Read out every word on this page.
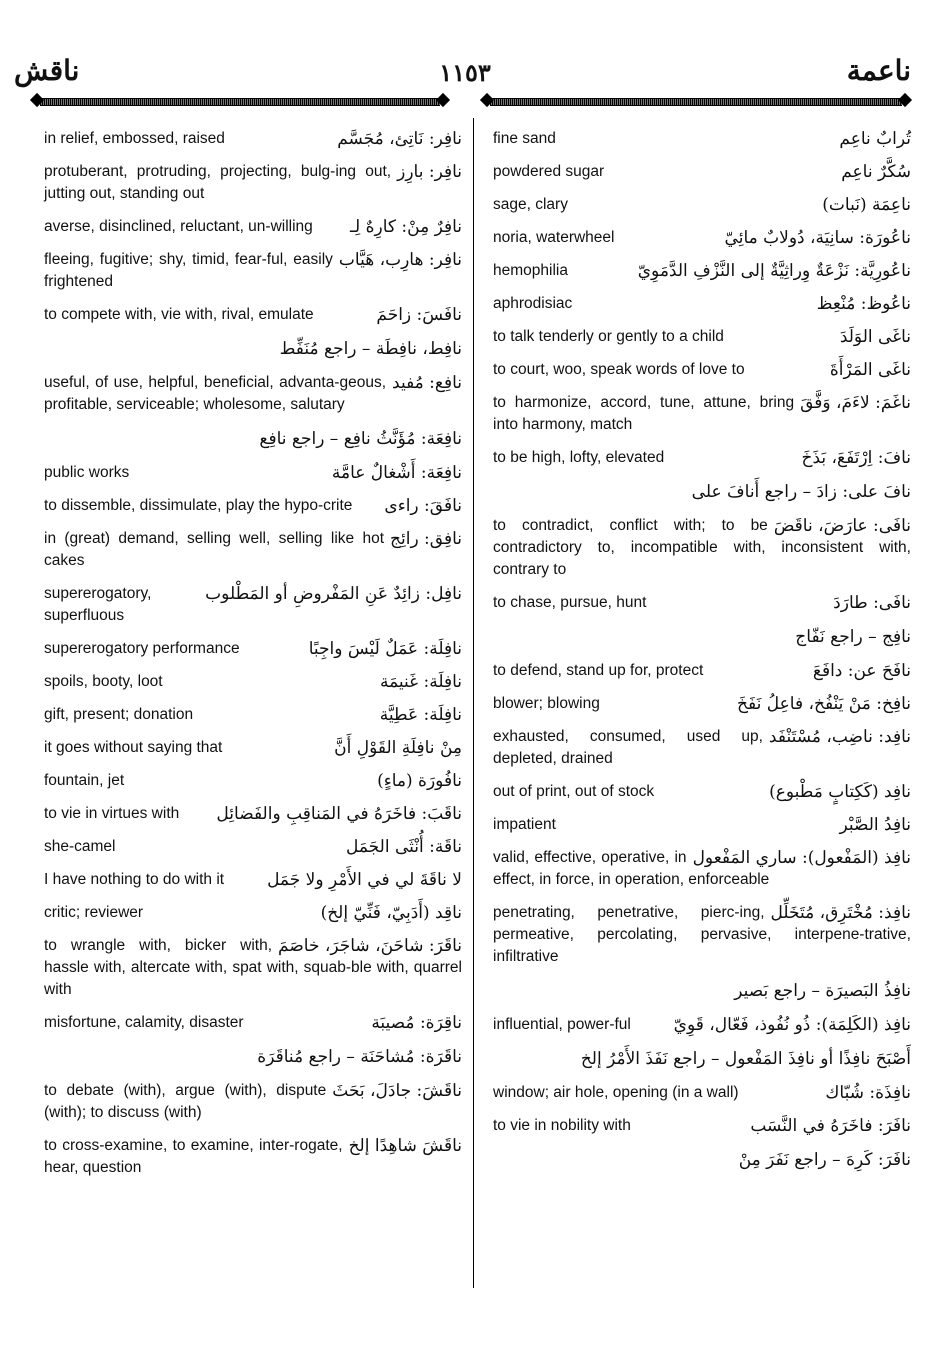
ناقش	١١٥٣	ناعمة
نافِر: نَاتِئ، مُجَسَّم
in relief, embossed, raised
نافِر: بارِز
protuberant, protruding, projecting, bulg-ing out, jutting out, standing out
نافِرٌ مِنْ: كارِهٌ لِـ
averse, disinclined, reluctant, un-willing
نافِر: هارِب، هَيَّاب
fleeing, fugitive; shy, timid, fear-ful, easily frightened
نافَسَ: زاحَمَ
to compete with, vie with, rival, emulate
نافِط، نافِطَة – راجع مُنَفِّط
نافِع: مُفيد
useful, of use, helpful, beneficial, advanta-geous, profitable, serviceable; wholesome, salutary
نافِعَة: مُؤَنَّثُ نافِع – راجع نافِع
نافِعَة: أَشْغالٌ عامَّة
public works
نافَقَ: راءى
to dissemble, dissimulate, play the hypo-crite
نافِق: رائِج
in (great) demand, selling well, selling like hot cakes
نافِل: زائِدٌ عَنِ المَفْروضِ أو المَطْلوب
supererogatory, superfluous
نافِلَة: عَمَلٌ لَيْسَ واجِبًا
supererogatory performance
نافِلَة: غَنيمَة
spoils, booty, loot
نافِلَة: عَطِيَّة
gift, present; donation
مِنْ نافِلَةِ القَوْلِ أَنَّ
it goes without saying that
نافُورَة (ماءٍ)
fountain, jet
ناقَبَ: فاخَرَهُ في المَناقِبِ والفَضائِل
to vie in virtues with
ناقَة: أُنْثَى الجَمَل
she-camel
لا ناقَةَ لي في الأَمْرِ ولا جَمَل
I have nothing to do with it
ناقِد (أَدَبِيّ، فَنِّيّ إلخ)
critic; reviewer
ناقَرَ: شاحَنَ، شاجَرَ، خاصَمَ
to wrangle with, bicker with, hassle with, altercate with, spat with, squab-ble with, quarrel with
ناقِرَة: مُصيبَة
misfortune, calamity, disaster
ناقَرَة: مُشاحَنَة – راجع مُناقَرَة
ناقَشَ: جادَلَ، بَحَثَ
to debate (with), argue (with), dispute (with); to discuss (with)
ناقَشَ شاهِدًا إلخ
to cross-examine, to examine, inter-rogate, hear, question
تُرابٌ ناعِم
fine sand
سُكَّرٌ ناعِم
powdered sugar
ناعِمَة (نَبات)
sage, clary
ناعُورَة: سانِيَة، دُولابٌ مائِيّ
noria, waterwheel
ناعُورِيَّة: نَزْعَةٌ وِراثِيَّةٌ إلى النَّزْفِ الدَّمَوِيّ
hemophilia
ناعُوظ: مُنْعِظ
aphrodisiac
ناغَى الوَلَدَ
to talk tenderly or gently to a child
ناغَى المَرْأَةَ
to court, woo, speak words of love to
ناغَمَ: لاءَمَ، وَفَّقَ
to harmonize, accord, tune, attune, bring into harmony, match
نافَ: اِرْتَفَعَ، بَذَخَ
to be high, lofty, elevated
نافَ على: زادَ – راجع أَنافَ على
نافَى: عارَضَ، ناقَضَ
to contradict, conflict with; to be contradictory to, incompatible with, inconsistent with, contrary to
نافَى: طارَدَ
to chase, pursue, hunt
نافِج – راجع نَفّاج
نافَحَ عن: دافَعَ
to defend, stand up for, protect
نافِخ: مَنْ يَنْفُخ، فاعِلُ نَفَخَ
blower; blowing
نافِد: ناضِب، مُسْتَنْفَد
exhausted, consumed, used up, depleted, drained
نافِد (كَكِتابٍ مَطْبوع)
out of print, out of stock
نافِدُ الصَّبْر
impatient
نافِذ (المَفْعول): ساري المَفْعول
valid, effective, operative, in effect, in force, in operation, enforceable
نافِذ: مُخْتَرِق، مُتَخَلِّل
penetrating, penetrative, pierc-ing, permeative, percolating, pervasive, interpene-trative, infiltrative
نافِذُ البَصيرَة – راجع بَصير
نافِذ (الكَلِمَة): ذُو نُفُوذ، فَعّال، قَوِيّ
influential, power-ful
أَصْبَحَ نافِذًا أو نافِذَ المَفْعول – راجع نَفَذَ الأَمْرُ إلخ
نافِذَة: شُبّاك
window; air hole, opening (in a wall)
نافَرَ: فاخَرَهُ في النَّسَب
to vie in nobility with
نافَرَ: كَرِهَ – راجع نَفَرَ مِنْ
